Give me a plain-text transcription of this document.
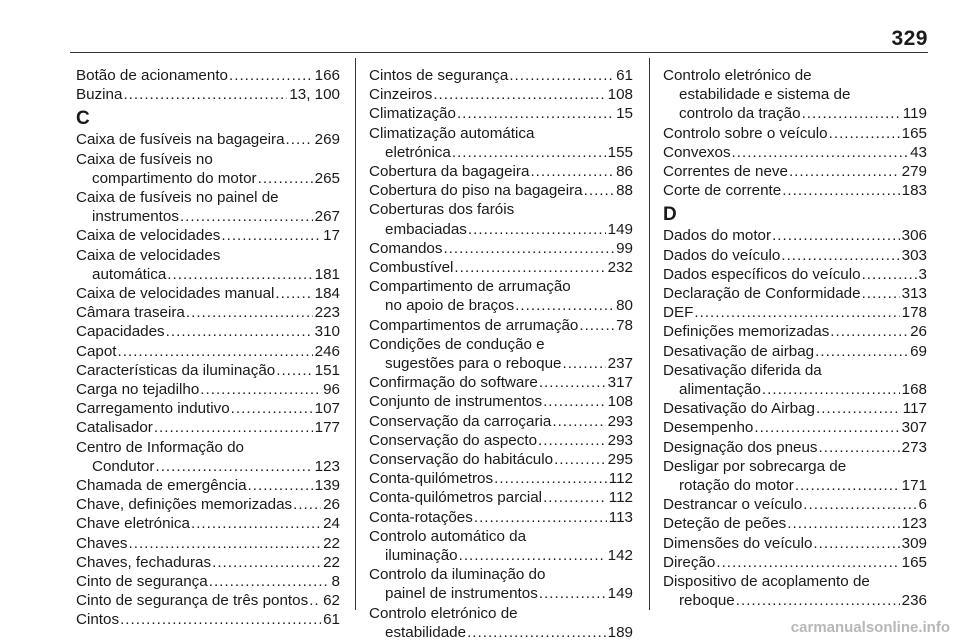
329
Botão de acionamento .....	166
Buzina .....	13, 100
C
Caixa de fusíveis na bagageira ..... 269
Caixa de fusíveis no
compartimento do motor .....	265
Caixa de fusíveis no painel de
instrumentos .....	267
Caixa de velocidades .....	17
Caixa de velocidades
automática .....	181
Caixa de velocidades manual .....	184
Câmara traseira .....	223
Capacidades .....	310
Capot .....	246
Características da iluminação .....	151
Carga no tejadilho .....	96
Carregamento indutivo .....	107
Catalisador .....	177
Centro de Informação do
Condutor .....	123
Chamada de emergência .....	139
Chave, definições memorizadas ..... 26
Chave eletrónica .....	24
Chaves .....	22
Chaves, fechaduras .....	22
Cinto de segurança .....	8
Cinto de segurança de três pontos ..... 62
Cintos .....	61
Cintos de segurança .....	61
Cinzeiros .....	108
Climatização .....	15
Climatização automática
eletrónica .....	155
Cobertura da bagageira .....	86
Cobertura do piso na bagageira ..... 88
Coberturas dos faróis
embaciadas .....	149
Comandos .....	99
Combustível .....	232
Compartimento de arrumação
no apoio de braços .....	80
Compartimentos de arrumação ..... 78
Condições de condução e
sugestões para o reboque .....	237
Confirmação do software .....	317
Conjunto de instrumentos .....	108
Conservação da carroçaria .....	293
Conservação do aspecto .....	293
Conservação do habitáculo .....	295
Conta-quilómetros .....	112
Conta-quilómetros parcial .....	112
Conta-rotações .....	113
Controlo automático da
iluminação .....	142
Controlo da iluminação do
painel de instrumentos .....	149
Controlo eletrónico de
estabilidade .....	189
Controlo eletrónico de
estabilidade e sistema de
controlo da tração .....	119
Controlo sobre o veículo .....	165
Convexos .....	43
Correntes de neve .....	279
Corte de corrente .....	183
D
Dados do motor .....	306
Dados do veículo .....	303
Dados específicos do veículo .....	3
Declaração de Conformidade .....	313
DEF .....	178
Definições memorizadas .....	26
Desativação de airbag .....	69
Desativação diferida da
alimentação .....	168
Desativação do Airbag .....	117
Desempenho .....	307
Designação dos pneus .....	273
Desligar por sobrecarga de
rotação do motor .....	171
Destrancar o veículo .....	6
Deteção de peões .....	123
Dimensões do veículo .....	309
Direção .....	165
Dispositivo de acoplamento de
reboque .....	236
carmanualsonline.info
